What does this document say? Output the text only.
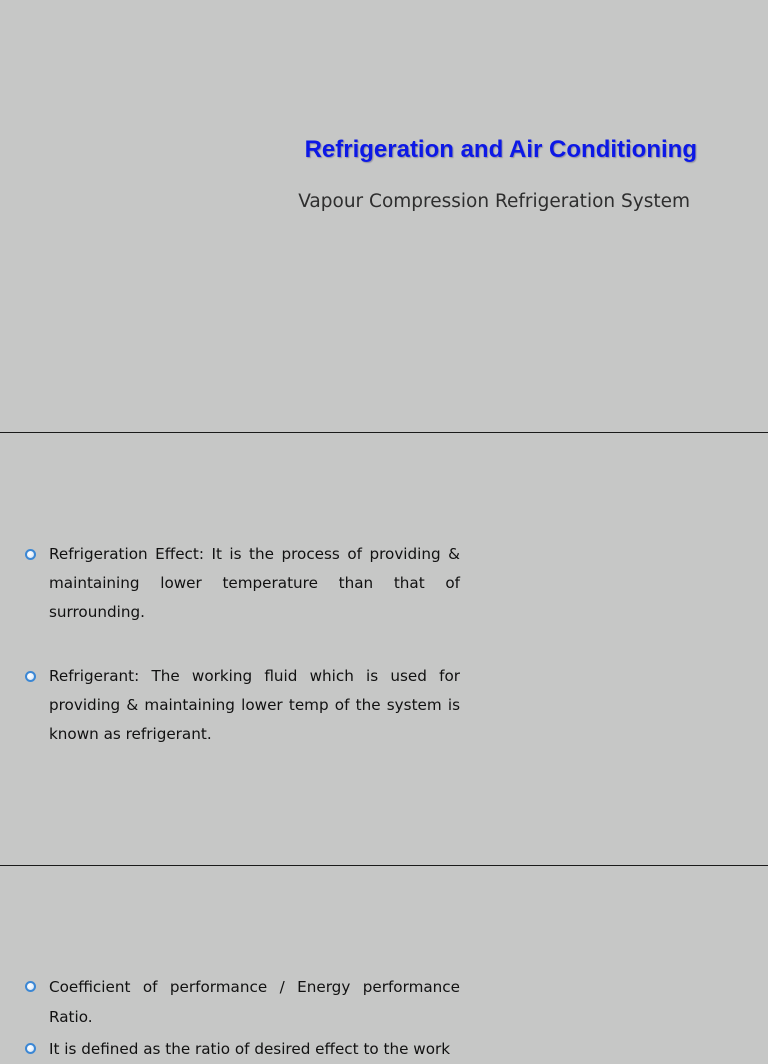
Refrigeration and Air Conditioning

Vapour Compression Refrigeration System

Refrigeration Effect: It is the process of providing & maintaining lower temperature than that of surrounding.
Refrigerant: The working fluid which is used for providing & maintaining lower temp of the system is known as refrigerant.
Coefficient of performance / Energy performance Ratio.
It is defined as the ratio of desired effect to the work
